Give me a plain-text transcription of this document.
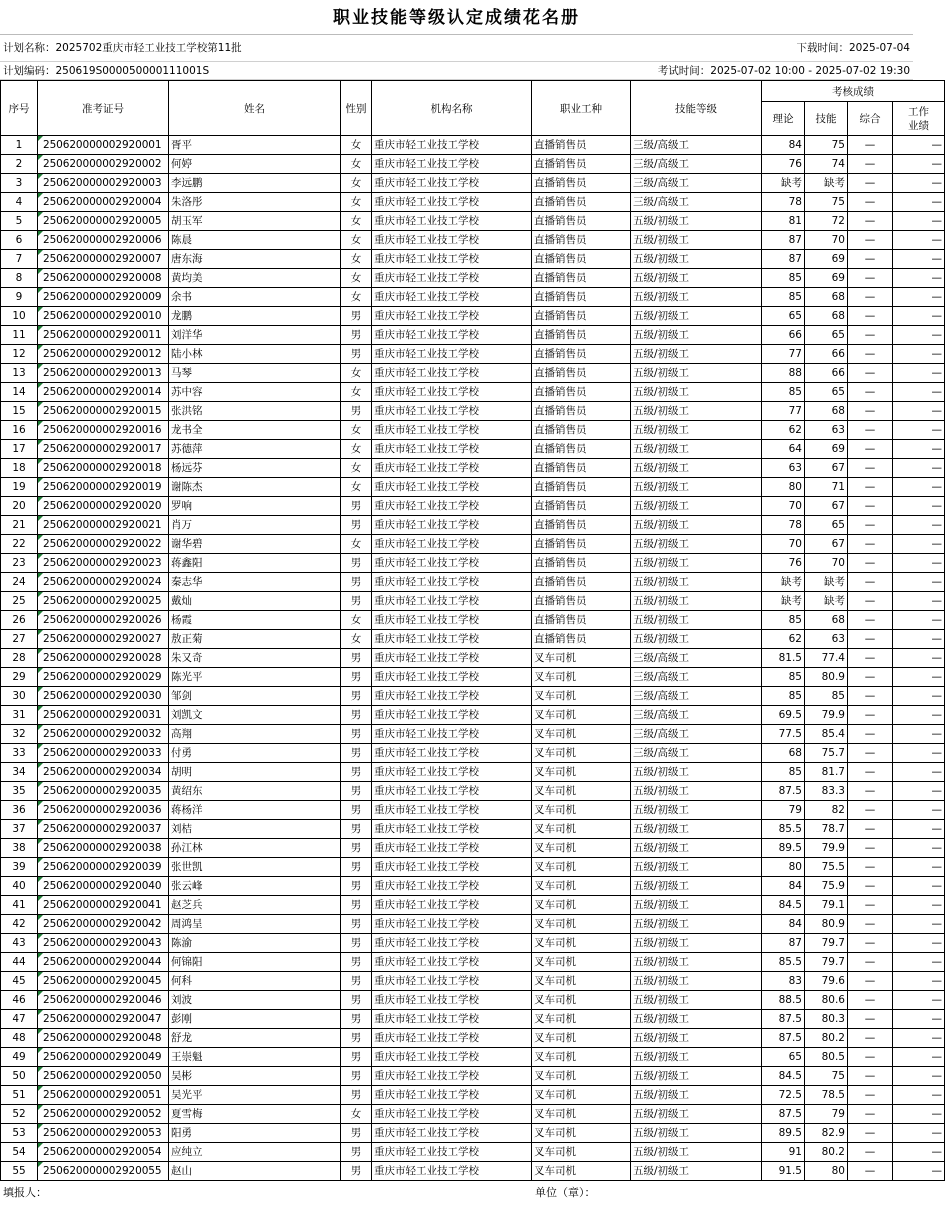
职业技能等级认定成绩花名册
计划名称：2025702重庆市轻工业技工学校第11批	下载时间：2025-07-04
计划编码：250619S000050000111001S	考试时间：2025-07-02 10:00 - 2025-07-02 19:30
序号	准考证号	姓名	性别	机构名称	职业工种	技能等级	考核成绩			
							理论	技能	综合	工作业绩
1	250620000002920001	胥平	女	重庆市轻工业技工学校	直播销售员	三级/高级工	84	75	—	—
2	250620000002920002	何婷	女	重庆市轻工业技工学校	直播销售员	三级/高级工	76	74	—	—
3	250620000002920003	李远鹏	女	重庆市轻工业技工学校	直播销售员	三级/高级工	缺考	缺考	—	—
4	250620000002920004	朱洛彤	女	重庆市轻工业技工学校	直播销售员	三级/高级工	78	75	—	—
5	250620000002920005	胡玉军	女	重庆市轻工业技工学校	直播销售员	五级/初级工	81	72	—	—
6	250620000002920006	陈晨	女	重庆市轻工业技工学校	直播销售员	五级/初级工	87	70	—	—
7	250620000002920007	唐东海	女	重庆市轻工业技工学校	直播销售员	五级/初级工	87	69	—	—
8	250620000002920008	黄均美	女	重庆市轻工业技工学校	直播销售员	五级/初级工	85	69	—	—
9	250620000002920009	余书	女	重庆市轻工业技工学校	直播销售员	五级/初级工	85	68	—	—
10	250620000002920010	龙鹏	男	重庆市轻工业技工学校	直播销售员	五级/初级工	65	68	—	—
11	250620000002920011	刘洋华	男	重庆市轻工业技工学校	直播销售员	五级/初级工	66	65	—	—
12	250620000002920012	陆小林	男	重庆市轻工业技工学校	直播销售员	五级/初级工	77	66	—	—
13	250620000002920013	马琴	女	重庆市轻工业技工学校	直播销售员	五级/初级工	88	66	—	—
14	250620000002920014	苏中容	女	重庆市轻工业技工学校	直播销售员	五级/初级工	85	65	—	—
15	250620000002920015	张洪铭	男	重庆市轻工业技工学校	直播销售员	五级/初级工	77	68	—	—
16	250620000002920016	龙书全	女	重庆市轻工业技工学校	直播销售员	五级/初级工	62	63	—	—
17	250620000002920017	苏德萍	女	重庆市轻工业技工学校	直播销售员	五级/初级工	64	69	—	—
18	250620000002920018	杨远芬	女	重庆市轻工业技工学校	直播销售员	五级/初级工	63	67	—	—
19	250620000002920019	谢陈杰	女	重庆市轻工业技工学校	直播销售员	五级/初级工	80	71	—	—
20	250620000002920020	罗响	男	重庆市轻工业技工学校	直播销售员	五级/初级工	70	67	—	—
21	250620000002920021	肖万	男	重庆市轻工业技工学校	直播销售员	五级/初级工	78	65	—	—
22	250620000002920022	谢华碧	女	重庆市轻工业技工学校	直播销售员	五级/初级工	70	67	—	—
23	250620000002920023	蒋鑫阳	男	重庆市轻工业技工学校	直播销售员	五级/初级工	76	70	—	—
24	250620000002920024	秦志华	男	重庆市轻工业技工学校	直播销售员	五级/初级工	缺考	缺考	—	—
25	250620000002920025	戴灿	男	重庆市轻工业技工学校	直播销售员	五级/初级工	缺考	缺考	—	—
26	250620000002920026	杨霞	女	重庆市轻工业技工学校	直播销售员	五级/初级工	85	68	—	—
27	250620000002920027	敖正菊	女	重庆市轻工业技工学校	直播销售员	五级/初级工	62	63	—	—
28	250620000002920028	朱又奇	男	重庆市轻工业技工学校	叉车司机	三级/高级工	81.5	77.4	—	—
29	250620000002920029	陈光平	男	重庆市轻工业技工学校	叉车司机	三级/高级工	85	80.9	—	—
30	250620000002920030	邹剑	男	重庆市轻工业技工学校	叉车司机	三级/高级工	85	85	—	—
31	250620000002920031	刘凯文	男	重庆市轻工业技工学校	叉车司机	三级/高级工	69.5	79.9	—	—
32	250620000002920032	高翔	男	重庆市轻工业技工学校	叉车司机	三级/高级工	77.5	85.4	—	—
33	250620000002920033	付勇	男	重庆市轻工业技工学校	叉车司机	三级/高级工	68	75.7	—	—
34	250620000002920034	胡明	男	重庆市轻工业技工学校	叉车司机	五级/初级工	85	81.7	—	—
35	250620000002920035	黄绍东	男	重庆市轻工业技工学校	叉车司机	五级/初级工	87.5	83.3	—	—
36	250620000002920036	蒋杨洋	男	重庆市轻工业技工学校	叉车司机	五级/初级工	79	82	—	—
37	250620000002920037	刘桔	男	重庆市轻工业技工学校	叉车司机	五级/初级工	85.5	78.7	—	—
38	250620000002920038	孙江林	男	重庆市轻工业技工学校	叉车司机	五级/初级工	89.5	79.9	—	—
39	250620000002920039	张世凯	男	重庆市轻工业技工学校	叉车司机	五级/初级工	80	75.5	—	—
40	250620000002920040	张云峰	男	重庆市轻工业技工学校	叉车司机	五级/初级工	84	75.9	—	—
41	250620000002920041	赵芝兵	男	重庆市轻工业技工学校	叉车司机	五级/初级工	84.5	79.1	—	—
42	250620000002920042	周鸿呈	男	重庆市轻工业技工学校	叉车司机	五级/初级工	84	80.9	—	—
43	250620000002920043	陈渝	男	重庆市轻工业技工学校	叉车司机	五级/初级工	87	79.7	—	—
44	250620000002920044	何锦阳	男	重庆市轻工业技工学校	叉车司机	五级/初级工	85.5	79.7	—	—
45	250620000002920045	何科	男	重庆市轻工业技工学校	叉车司机	五级/初级工	83	79.6	—	—
46	250620000002920046	刘波	男	重庆市轻工业技工学校	叉车司机	五级/初级工	88.5	80.6	—	—
47	250620000002920047	彭刚	男	重庆市轻工业技工学校	叉车司机	五级/初级工	87.5	80.3	—	—
48	250620000002920048	舒龙	男	重庆市轻工业技工学校	叉车司机	五级/初级工	87.5	80.2	—	—
49	250620000002920049	王崇魁	男	重庆市轻工业技工学校	叉车司机	五级/初级工	65	80.5	—	—
50	250620000002920050	吴彬	男	重庆市轻工业技工学校	叉车司机	五级/初级工	84.5	75	—	—
51	250620000002920051	吴光平	男	重庆市轻工业技工学校	叉车司机	五级/初级工	72.5	78.5	—	—
52	250620000002920052	夏雪梅	女	重庆市轻工业技工学校	叉车司机	五级/初级工	87.5	79	—	—
53	250620000002920053	阳勇	男	重庆市轻工业技工学校	叉车司机	五级/初级工	89.5	82.9	—	—
54	250620000002920054	应纯立	男	重庆市轻工业技工学校	叉车司机	五级/初级工	91	80.2	—	—
55	250620000002920055	赵山	男	重庆市轻工业技工学校	叉车司机	五级/初级工	91.5	80	—	—
填报人：	单位（章）：
